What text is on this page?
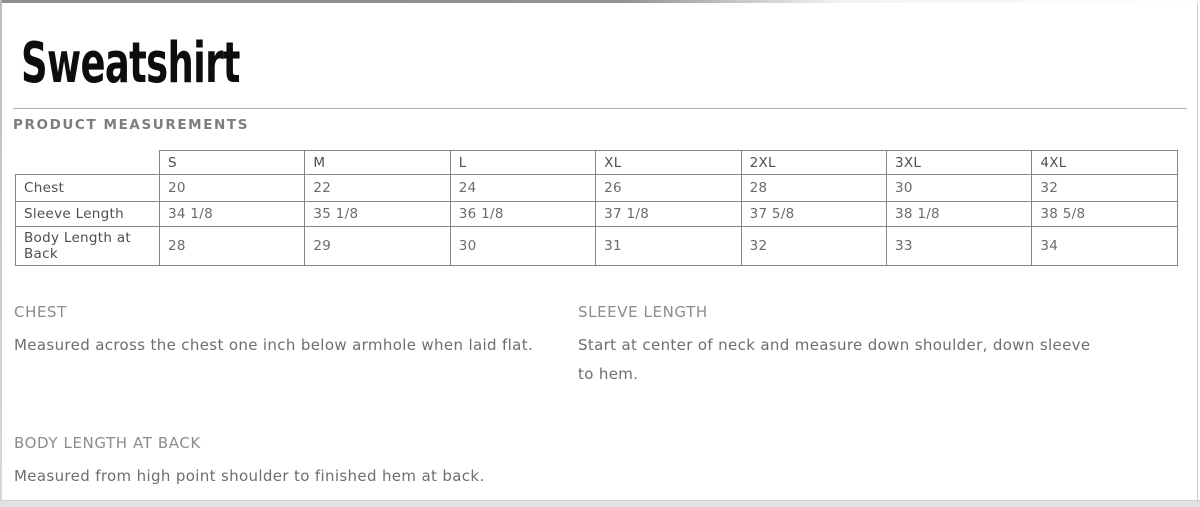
Sweatshirt
PRODUCT MEASUREMENTS
	S	M	L	XL	2XL	3XL	4XL
Chest	20	22	24	26	28	30	32
Sleeve Length	34 1/8	35 1/8	36 1/8	37 1/8	37 5/8	38 1/8	38 5/8
Body Length at Back	28	29	30	31	32	33	34
CHEST
Measured across the chest one inch below armhole when laid flat.
SLEEVE LENGTH
Start at center of neck and measure down shoulder, down sleeve to hem.
BODY LENGTH AT BACK
Measured from high point shoulder to finished hem at back.
